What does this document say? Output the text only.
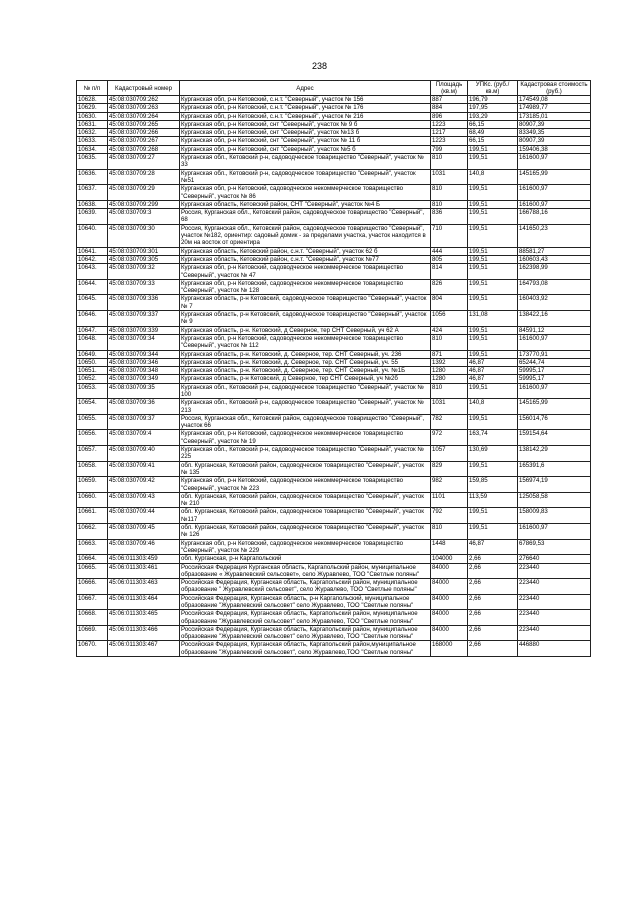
238
№ п/п	Кадастровый номер	Адрес	Площадь (кв.м)	УПКс. (руб./кв.м)	Кадастровая стоимость (руб.)
10628.	45:08:030709:262	Курганская обл, р-н Кетовский, с.н.т. "Северный", участок № 156	887	196,79	174549,08
10629.	45:08:030709:263	Курганская обл, р-н Кетовский, с.н.т. "Северный", участок № 176	884	197,95	174989,77
10630.	45:08:030709:264	Курганская обл, р-н Кетовский, с.н.т. "Северный", участок № 216	896	193,29	173185,01
10631.	45:08:030709:265	Курганская обл, р-н Кетовский, снт "Северный", участок № 9 б	1223	66,15	80907,39
10632.	45:08:030709:266	Курганская обл, р-н Кетовский, снт "Северный", участок №13 б	1217	68,49	83349,35
10633.	45:08:030709:267	Курганская обл, р-н Кетовский, снт "Северный", участок № 11 б	1223	66,15	80907,39
10634.	45:08:030709:268	Курганская обл, р-н Кетовский, снт "Северный", участок №5 б	799	199,51	159406,38
10635.	45:08:030709:27	Курганская обл., Кетовский р-н, садоводческое товарищество "Северный", участок № 33	810	199,51	161600,97
10636.	45:08:030709:28	Курганская обл., Кетовский р-н, садоводческое товарищество "Северный", участок №51	1031	140,8	145165,99
10637.	45:08:030709:29	Курганская обл, р-н Кетовский, садоводческое некоммерческое товарищество "Северный", участок № 86	810	199,51	161600,97
10638.	45:08:030709:299	Курганская область, Кетовский район, СНТ "Северный", участок №4 Б	810	199,51	161600,97
10639.	45:08:030709:3	Россия, Курганская обл., Кетовский район, садоводческое товарищество "Северный", 68	836	199,51	166788,16
10640.	45:08:030709:30	Россия, Курганская обл., Кетовский район, садоводческое товарищество "Северный", участок №182, ориентир: садовый домик - за пределами участка, участок находится в 20м на восток от ориентира	710	199,51	141650,23
10641.	45:08:030709:301	Курганская область, Кетовский район, с.н.т. "Северный", участок 62 б	444	199,51	88581,27
10642.	45:08:030709:305	Курганская область, Кетовский район, с.н.т. "Северный", участок №77	805	199,51	160603,43
10643.	45:08:030709:32	Курганская обл, р-н Кетовский, садоводческое некоммерческое товарищество "Северный", участок № 47	814	199,51	162398,99
10644.	45:08:030709:33	Курганская обл, р-н Кетовский, садоводческое некоммерческое товарищество "Северный", участок № 128	826	199,51	164793,08
10645.	45:08:030709:336	Курганская область, р-н Кетовский, садоводческое товарищество "Северный", участок № 7	804	199,51	160403,92
10646.	45:08:030709:337	Курганская область, р-н Кетовский, садоводческое товарищество "Северный", участок № 9	1056	131,08	138422,16
10647.	45:08:030709:339	Курганская область, р-н. Кетовский, д Северное, тер СНТ Северный, уч 62 А	424	199,51	84591,12
10648.	45:08:030709:34	Курганская обл, р-н Кетовский, садоводческое некоммерческое товарищество "Северный", участок № 112	810	199,51	161600,97
10649.	45:08:030709:344	Курганская область, р-н. Кетовский, д. Северное, тер. СНТ Северный, уч. 236	871	199,51	173770,91
10650.	45:08:030709:346	Курганская область, р-н. Кетовский, д. Северное, тер. СНТ Северный, уч. 55	1392	46,87	65244,74
10651.	45:08:030709:348	Курганская область, р-н. Кетовский, д. Северное, тер. СНТ Северный, уч. №1Б	1280	46,87	59995,17
10652.	45:08:030709:349	Курганская область, р-н Кетовский, д Северное, тер СНТ Северный, уч №2б	1280	46,87	59995,17
10653.	45:08:030709:35	Курганская обл., Кетовский р-н, садоводческое товарищество "Северный", участок № 100	810	199,51	161600,97
10654.	45:08:030709:36	Курганская обл., Кетовский р-н, садоводческое товарищество "Северный", участок № 213	1031	140,8	145165,99
10655.	45:08:030709:37	Россия, Курганская обл., Кетовский район, садоводческое товарищество "Северный", участок 66	782	199,51	156014,76
10656.	45:08:030709:4	Курганская обл, р-н Кетовский, садоводческое некоммерческое товарищество "Северный", участок № 19	972	163,74	159154,64
10657.	45:08:030709:40	Курганская обл., Кетовский р-н, садоводческое товарищество "Северный", участок № 225	1057	130,69	138142,29
10658.	45:08:030709:41	обл. Курганская, Кетовский район, садоводческое товарищество "Северный", участок № 135	829	199,51	165391,6
10659.	45:08:030709:42	Курганская обл, р-н Кетовский, садоводческое некоммерческое товарищество "Северный", участок № 223	982	159,85	156974,19
10660.	45:08:030709:43	обл. Курганская, Кетовский район, садоводческое товарищество "Северный", участок № 210	1101	113,59	125058,58
10661.	45:08:030709:44	обл. Курганская, Кетовский район, садоводческое товарищество "Северный", участок №117	792	199,51	158009,83
10662.	45:08:030709:45	обл. Курганская, Кетовский район, садоводческое товарищество "Северный", участок № 126	810	199,51	161600,97
10663.	45:08:030709:46	Курганская обл, р-н Кетовский, садоводческое некоммерческое товарищество "Северный", участок № 229	1448	46,87	67869,53
10664.	45:06:011303:459	обл. Курганская, р-н Каргапольский	104000	2,66	276640
10665.	45:06:011303:461	Российская Федерация Курганская область, Каргапольский район, муниципальное образование « Журавлевский сельсовет», село Журавлево, ТОО "Светлые поляны"	84000	2,66	223440
10666.	45:06:011303:463	Российская Федерация, Курганская область, Каргапольский район, муниципальное образование " Журавлевский сельсовет", село Журавлево, ТОО "Светлые поляны"	84000	2,66	223440
10667.	45:06:011303:464	Российская Федерация, Курганская область, р-н Каргапольский, муниципальное образование "Журавлевский сельсовет" село Журавлево, ТОО "Светлые поляны"	84000	2,66	223440
10668.	45:06:011303:465	Российская Федерация, Курганская область, Каргапольский район, муниципальное образование "Журавлевский сельсовет" село Журавлево, ТОО "Светлые поляны"	84000	2,66	223440
10669.	45:06:011303:466	Российская Федерация, Курганская область, Каргапольский район, муниципальное образование "Журавлевский сельсовет" село Журавлево, ТОО "Светлые поляны"	84000	2,66	223440
10670.	45:06:011303:467	Российская Федерация, Курганская область, Каргапольский район,муниципальное образование "Журавлевский сельсовет", село Журавлево,ТОО "Светлые поляны"	168000	2,66	446880
